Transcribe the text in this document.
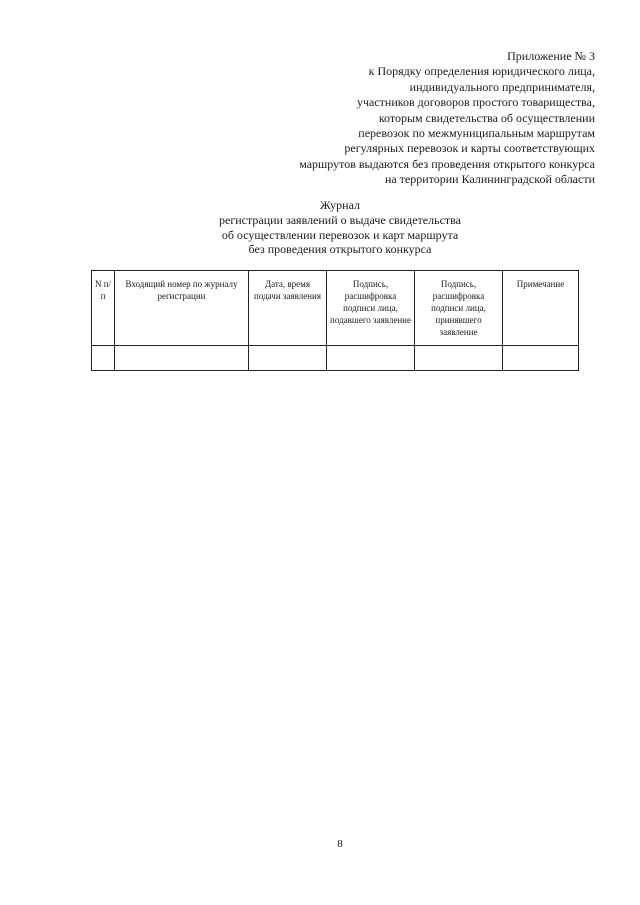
Приложение № 3
к Порядку определения юридического лица,
индивидуального предпринимателя,
участников договоров простого товарищества,
которым свидетельства об осуществлении
перевозок по межмуниципальным маршрутам
регулярных перевозок и карты соответствующих
маршрутов выдаются без проведения открытого конкурса
на территории Калининградской области
Журнал
регистрации заявлений о выдаче свидетельства
об осуществлении перевозок и карт маршрута
без проведения открытого конкурса
N п/п	Входящий номер по журналу регистрации	Дата, время подачи заявления	Подпись, расшифровка подписи лица, подавшего заявление	Подпись, расшифровка подписи лица, принявшего заявление	Примечание

8
